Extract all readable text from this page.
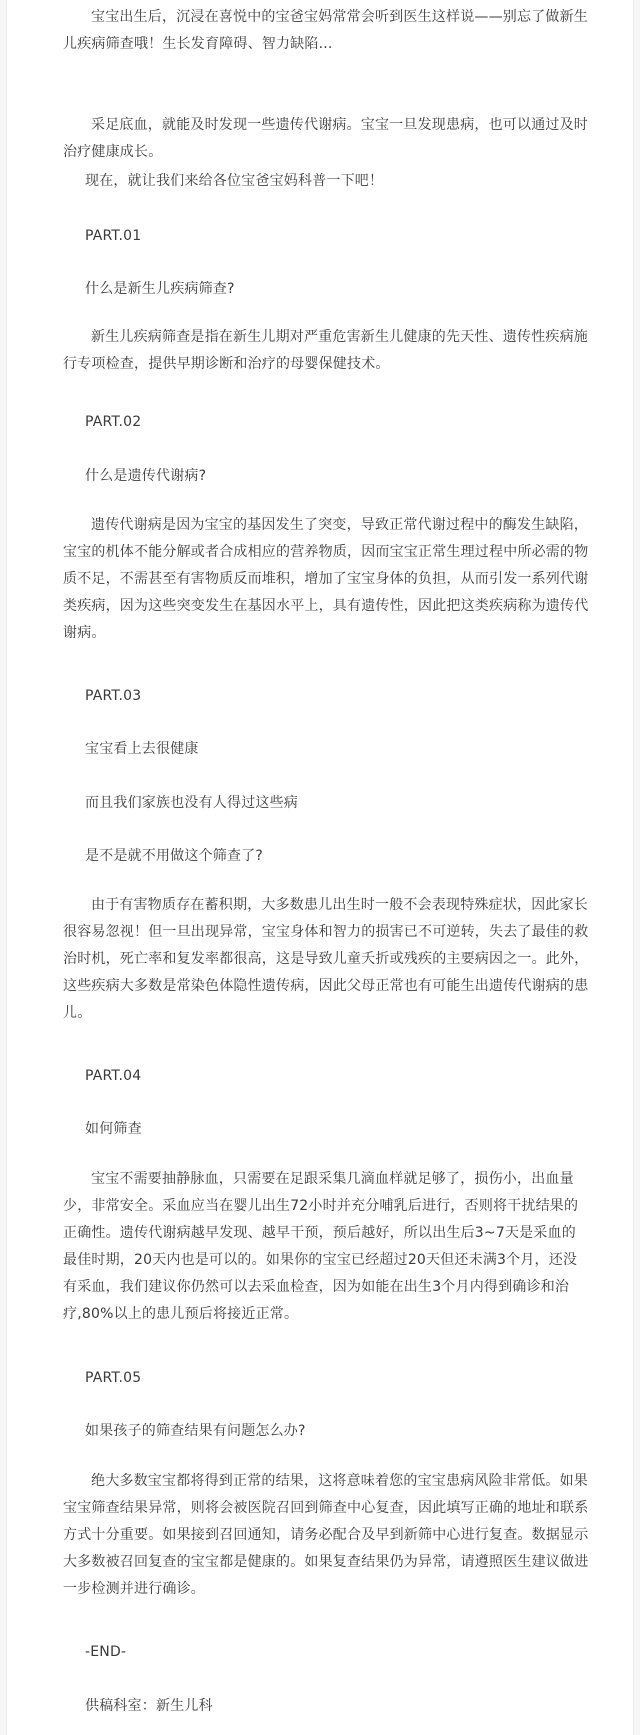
宝宝出生后，沉浸在喜悦中的宝爸宝妈常常会听到医生这样说——别忘了做新生儿疾病筛查哦！生长发育障碍、智力缺陷...

采足底血，就能及时发现一些遗传代谢病。宝宝一旦发现患病，也可以通过及时治疗健康成长。

现在，就让我们来给各位宝爸宝妈科普一下吧！

PART.01

什么是新生儿疾病筛查?

新生儿疾病筛查是指在新生儿期对严重危害新生儿健康的先天性、遗传性疾病施行专项检查，提供早期诊断和治疗的母婴保健技术。

PART.02

什么是遗传代谢病?

遗传代谢病是因为宝宝的基因发生了突变，导致正常代谢过程中的酶发生缺陷，宝宝的机体不能分解或者合成相应的营养物质，因而宝宝正常生理过程中所必需的物质不足，不需甚至有害物质反而堆积，增加了宝宝身体的负担，从而引发一系列代谢类疾病，因为这些突变发生在基因水平上，具有遗传性，因此把这类疾病称为遗传代谢病。

PART.03

宝宝看上去很健康

而且我们家族也没有人得过这些病

是不是就不用做这个筛查了?

由于有害物质存在蓄积期，大多数患儿出生时一般不会表现特殊症状，因此家长很容易忽视！但一旦出现异常，宝宝身体和智力的损害已不可逆转，失去了最佳的救治时机，死亡率和复发率都很高，这是导致儿童夭折或残疾的主要病因之一。此外，这些疾病大多数是常染色体隐性遗传病，因此父母正常也有可能生出遗传代谢病的患儿。

PART.04

如何筛查

宝宝不需要抽静脉血，只需要在足跟采集几滴血样就足够了，损伤小，出血量少，非常安全。采血应当在婴儿出生72小时并充分哺乳后进行，否则将干扰结果的正确性。遗传代谢病越早发现、越早干预，预后越好，所以出生后3~7天是采血的最佳时期，20天内也是可以的。如果你的宝宝已经超过20天但还未满3个月，还没有采血，我们建议你仍然可以去采血检查，因为如能在出生3个月内得到确诊和治疗,80%以上的患儿预后将接近正常。

PART.05

如果孩子的筛查结果有问题怎么办?

绝大多数宝宝都将得到正常的结果，这将意味着您的宝宝患病风险非常低。如果宝宝筛查结果异常，则将会被医院召回到筛查中心复查，因此填写正确的地址和联系方式十分重要。如果接到召回通知，请务必配合及早到新筛中心进行复查。数据显示大多数被召回复查的宝宝都是健康的。如果复查结果仍为异常，请遵照医生建议做进一步检测并进行确诊。

-END-

供稿科室：新生儿科
